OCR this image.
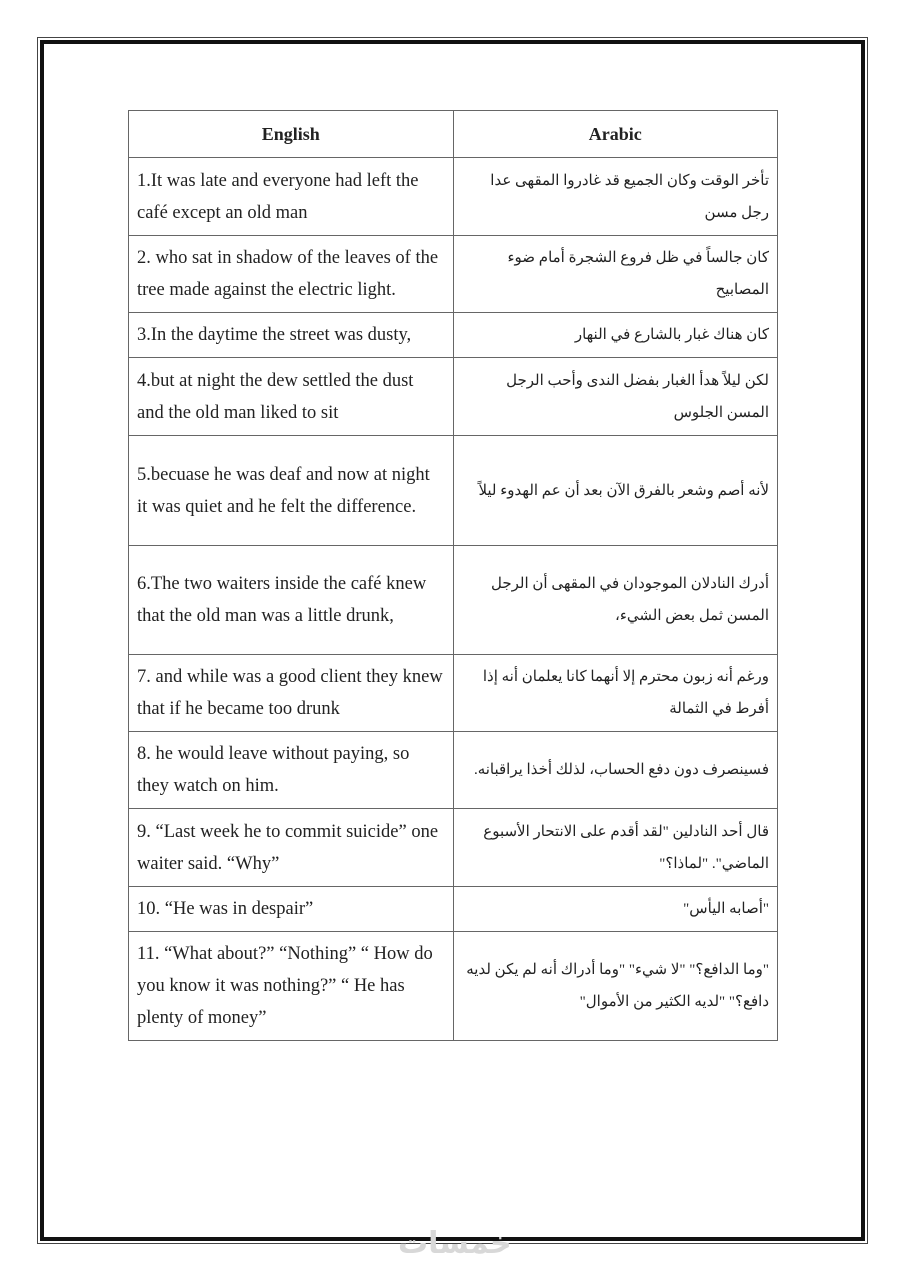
English	Arabic
1.It was late and everyone had left the café except an old man	تأخر الوقت وكان الجميع قد غادروا المقهى عدا رجل مسن
2. who sat in shadow of the leaves of the tree made against the electric light.	كان جالساً في ظل فروع الشجرة أمام ضوء المصابيح
3.In the daytime the street was dusty,	كان هناك غبار بالشارع في النهار
4.but at night the dew settled the dust and the old man liked to sit	لكن ليلاً هدأ الغبار بفضل الندى وأحب الرجل المسن الجلوس
5.becuase he was deaf and now at night it was quiet and he felt the difference.	لأنه أصم وشعر بالفرق الآن بعد أن عم الهدوء ليلاً
6.The two waiters inside the café knew that the old man was a little drunk,	أدرك النادلان الموجودان في المقهى أن الرجل المسن ثمل بعض الشيء،
7. and while was a good client they knew that if he became too drunk	ورغم أنه زبون محترم إلا أنهما كانا يعلمان أنه إذا أفرط في الثمالة
8. he would leave without paying, so they watch on him.	فسينصرف دون دفع الحساب، لذلك أخذا يراقبانه.
9. “Last week he to commit suicide” one waiter said. “Why”	قال أحد النادلين "لقد أقدم على الانتحار الأسبوع الماضي". "لماذا؟"
10. “He was in despair”	"أصابه اليأس"
11. “What about?” “Nothing” “ How do you know it was nothing?” “ He has plenty of money”	"وما الدافع؟" "لا شيء" "وما أدراك أنه لم يكن لديه دافع؟" "لديه الكثير من الأموال"
خمسات
